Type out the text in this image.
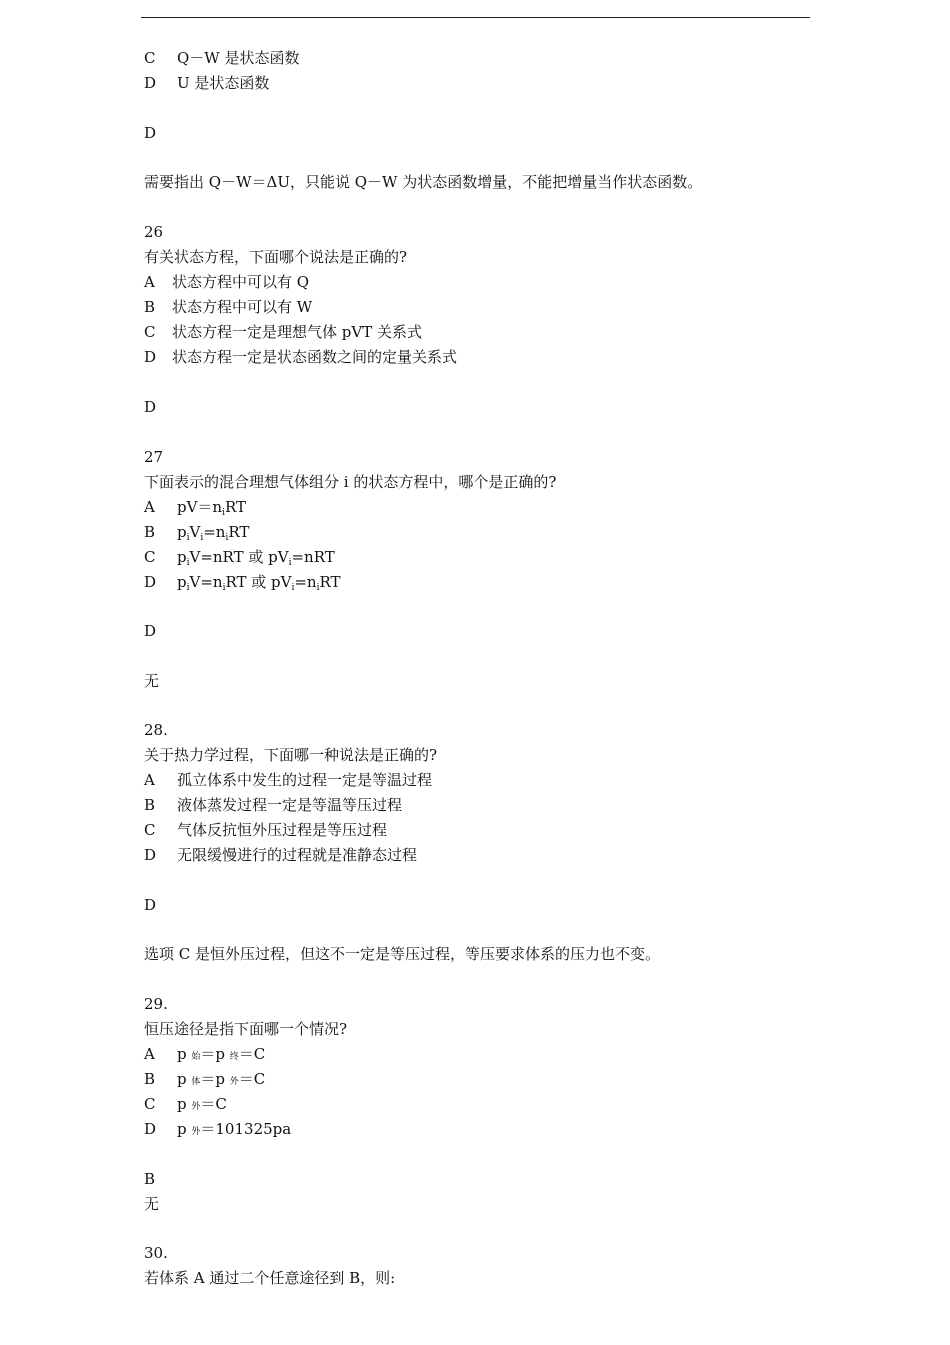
C Q－W 是状态函数
D U 是状态函数
D
需要指出 Q－W＝ΔU，只能说 Q－W 为状态函数增量，不能把增量当作状态函数。
26
有关状态方程，下面哪个说法是正确的?
A 状态方程中可以有 Q
B 状态方程中可以有 W
C 状态方程一定是理想气体 pVT 关系式
D 状态方程一定是状态函数之间的定量关系式
D
27
下面表示的混合理想气体组分 i 的状态方程中，哪个是正确的?
A $pV=n_iRT$
B $p_iV_i=n_iRT$
C $p_iV=nRT$ 或 $pV_i=nRT$
D $p_iV=n_iRT$ 或 $pV_i=n_iRT$
D
无
28.
关于热力学过程，下面哪一种说法是正确的?
A 孤立体系中发生的过程一定是等温过程
B 液体蒸发过程一定是等温等压过程
C 气体反抗恒外压过程是等压过程
D 无限缓慢进行的过程就是准静态过程
D
选项 C 是恒外压过程，但这不一定是等压过程，等压要求体系的压力也不变。
29.
恒压途径是指下面哪一个情况?
A p 始＝p 终＝C
B p 体＝p 外＝C
C p 外＝C
D p 外＝101325pa
B
无
30.
若体系 A 通过二个任意途径到 B，则:
